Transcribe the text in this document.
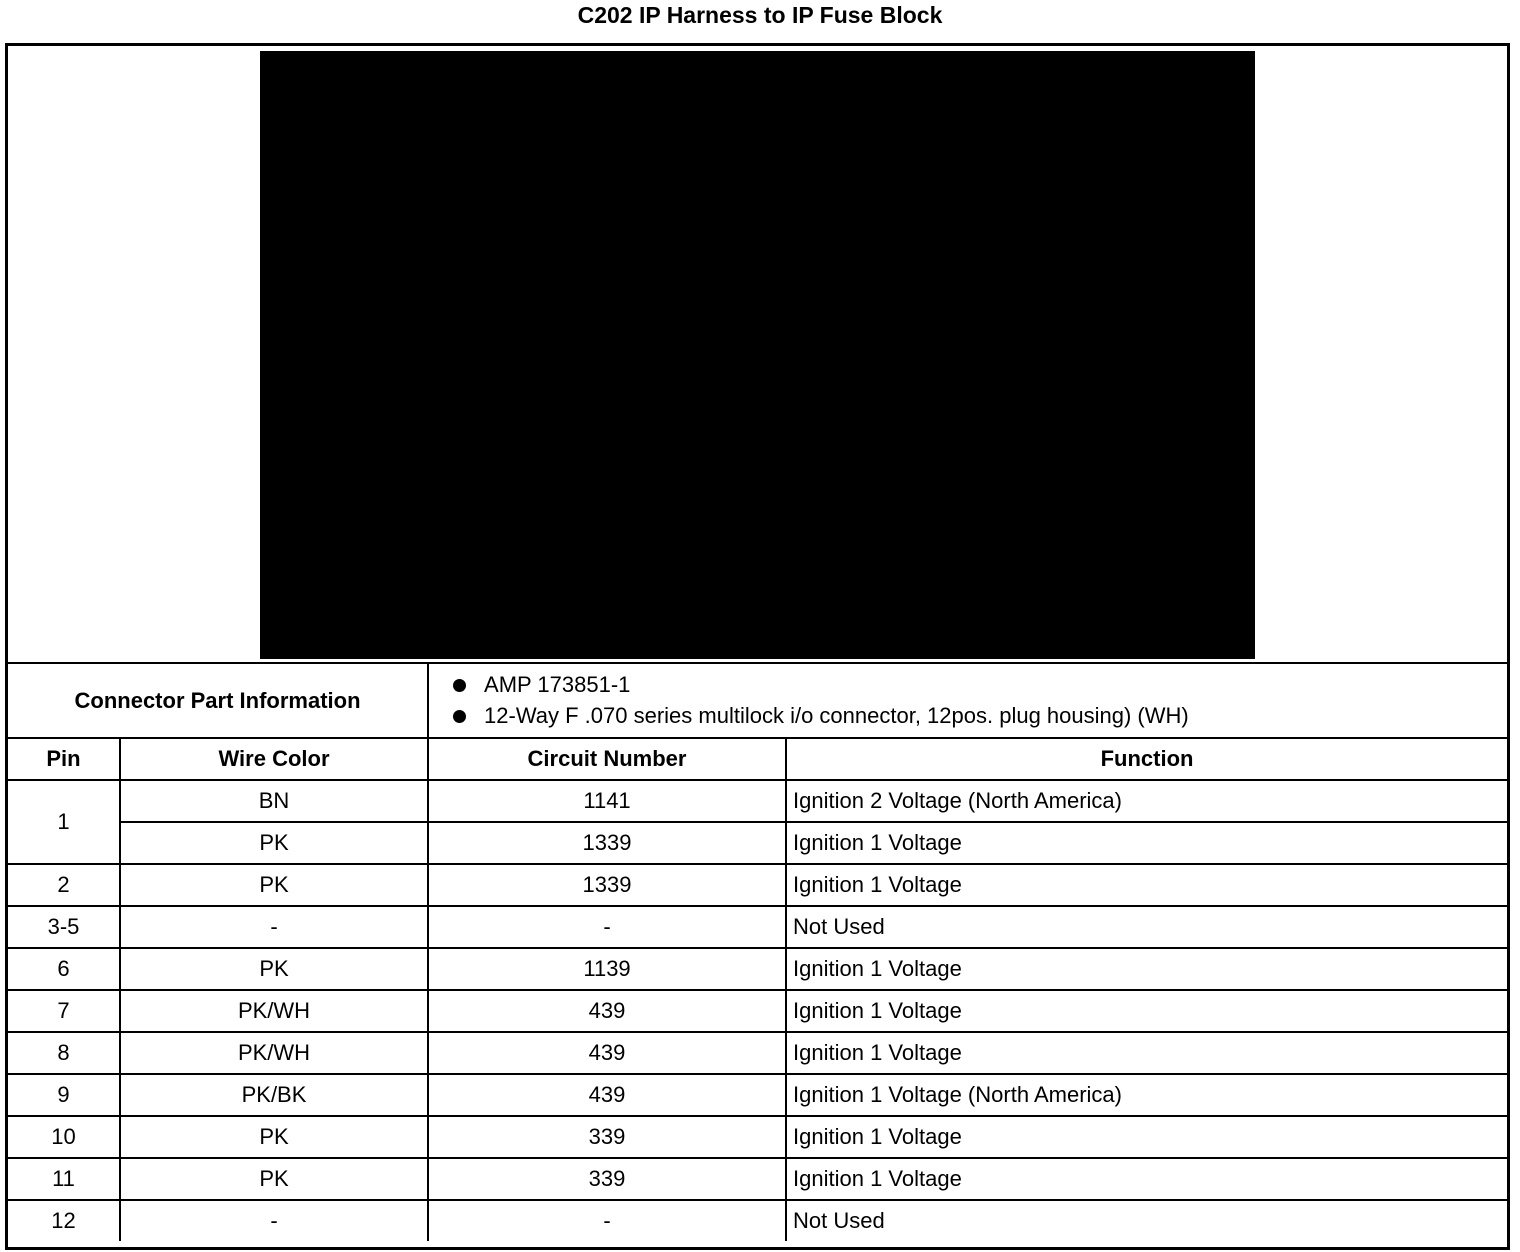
C202 IP Harness to IP Fuse Block
Connector Part Information		AMP 173851-1
12-Way F .070 series multilock i/o connector, 12pos. plug housing) (WH)	

Pin	Wire Color	Circuit Number	Function
1	BN	1141	Ignition 2 Voltage (North America)
	PK	1339	Ignition 1 Voltage
2	PK	1339	Ignition 1 Voltage
3-5	-	-	Not Used
6	PK	1139	Ignition 1 Voltage
7	PK/WH	439	Ignition 1 Voltage
8	PK/WH	439	Ignition 1 Voltage
9	PK/BK	439	Ignition 1 Voltage (North America)
10	PK	339	Ignition 1 Voltage
11	PK	339	Ignition 1 Voltage
12	-	-	Not Used
